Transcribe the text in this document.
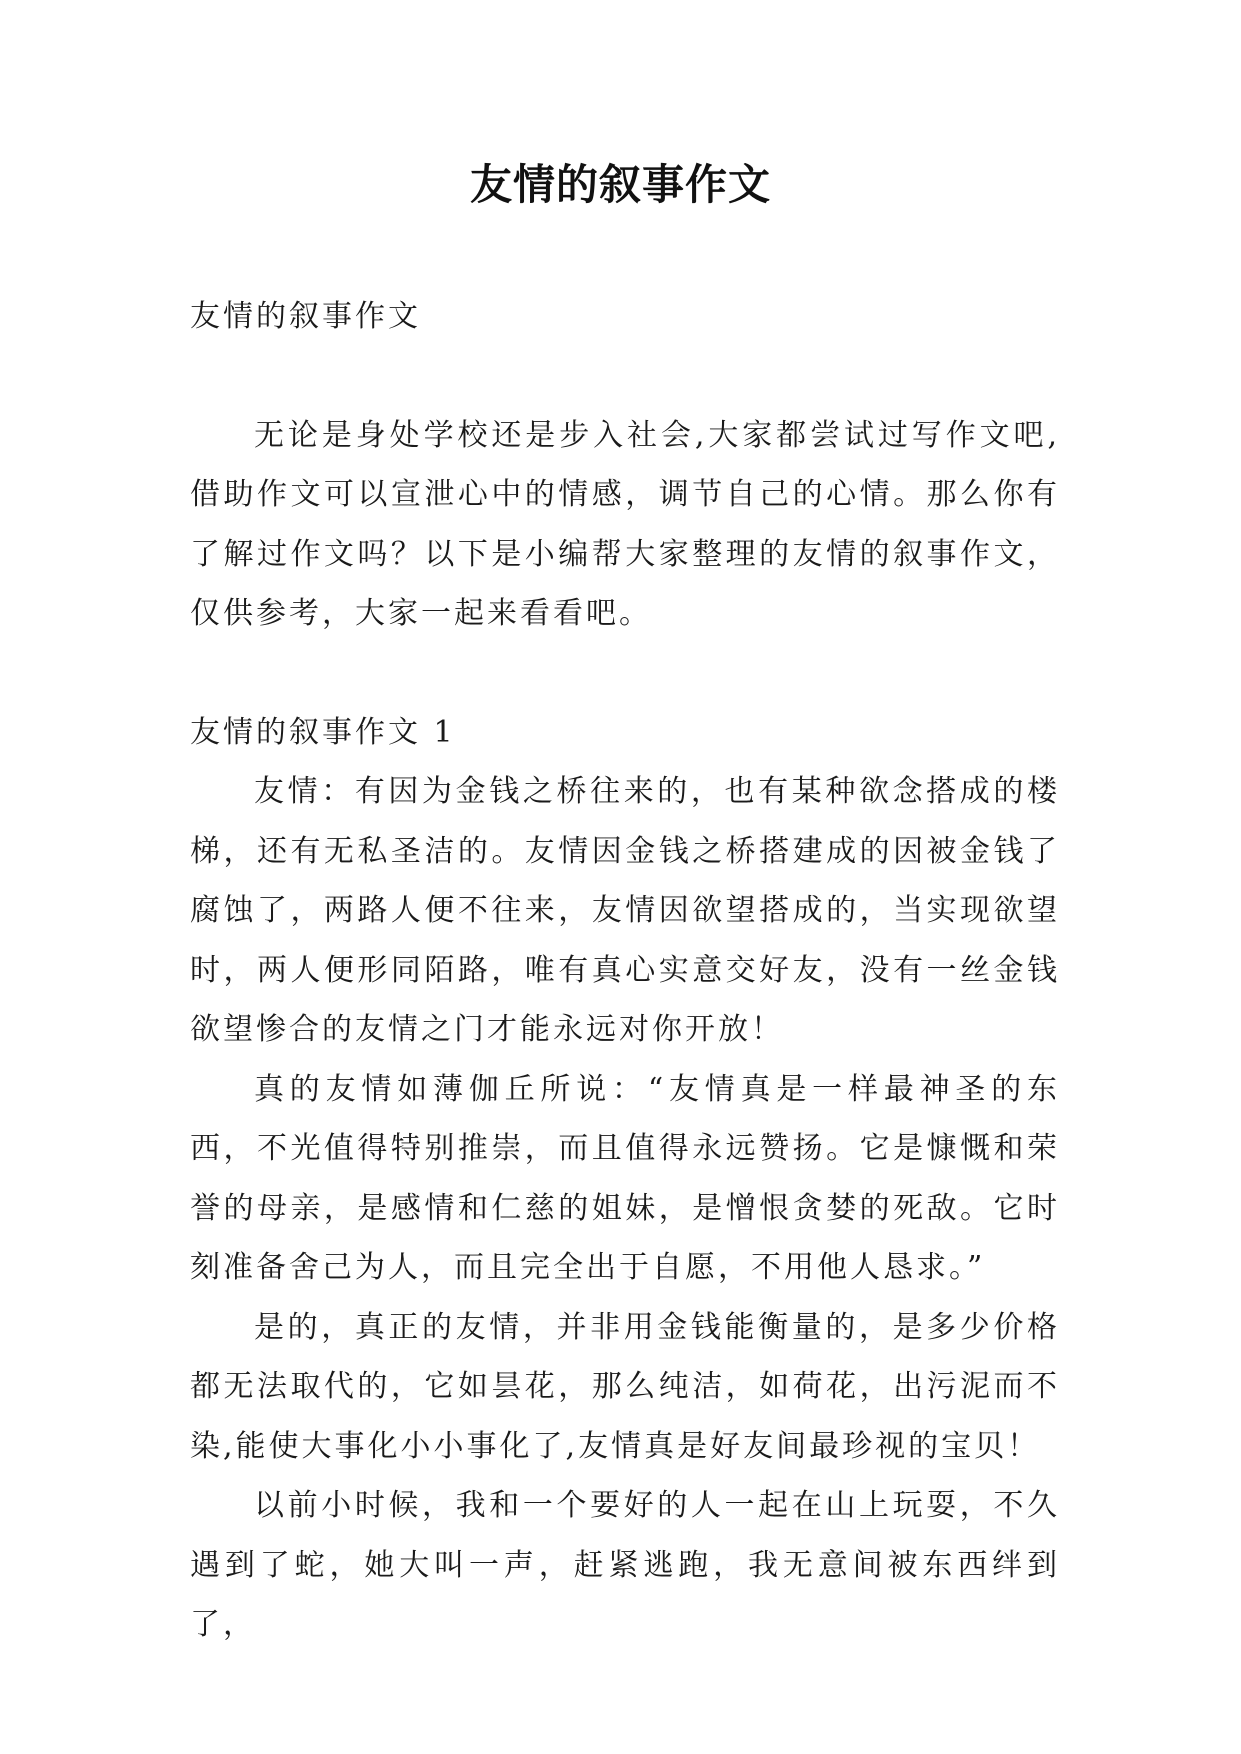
友情的叙事作文

友情的叙事作文

无论是身处学校还是步入社会,大家都尝试过写作文吧,借助作文可以宣泄心中的情感，调节自己的心情。那么你有了解过作文吗？以下是小编帮大家整理的友情的叙事作文，仅供参考，大家一起来看看吧。

友情的叙事作文 1

友情：有因为金钱之桥往来的，也有某种欲念搭成的楼梯，还有无私圣洁的。友情因金钱之桥搭建成的因被金钱了腐蚀了，两路人便不往来，友情因欲望搭成的，当实现欲望时，两人便形同陌路，唯有真心实意交好友，没有一丝金钱欲望惨合的友情之门才能永远对你开放！

真的友情如薄伽丘所说：“友情真是一样最神圣的东西，不光值得特别推崇，而且值得永远赞扬。它是慷慨和荣誉的母亲，是感情和仁慈的姐妹，是憎恨贪婪的死敌。它时刻准备舍己为人，而且完全出于自愿，不用他人恳求。”

是的，真正的友情，并非用金钱能衡量的，是多少价格都无法取代的，它如昙花，那么纯洁，如荷花，出污泥而不染,能使大事化小小事化了,友情真是好友间最珍视的宝贝！

以前小时候，我和一个要好的人一起在山上玩耍，不久遇到了蛇，她大叫一声，赶紧逃跑，我无意间被东西绊到了，
